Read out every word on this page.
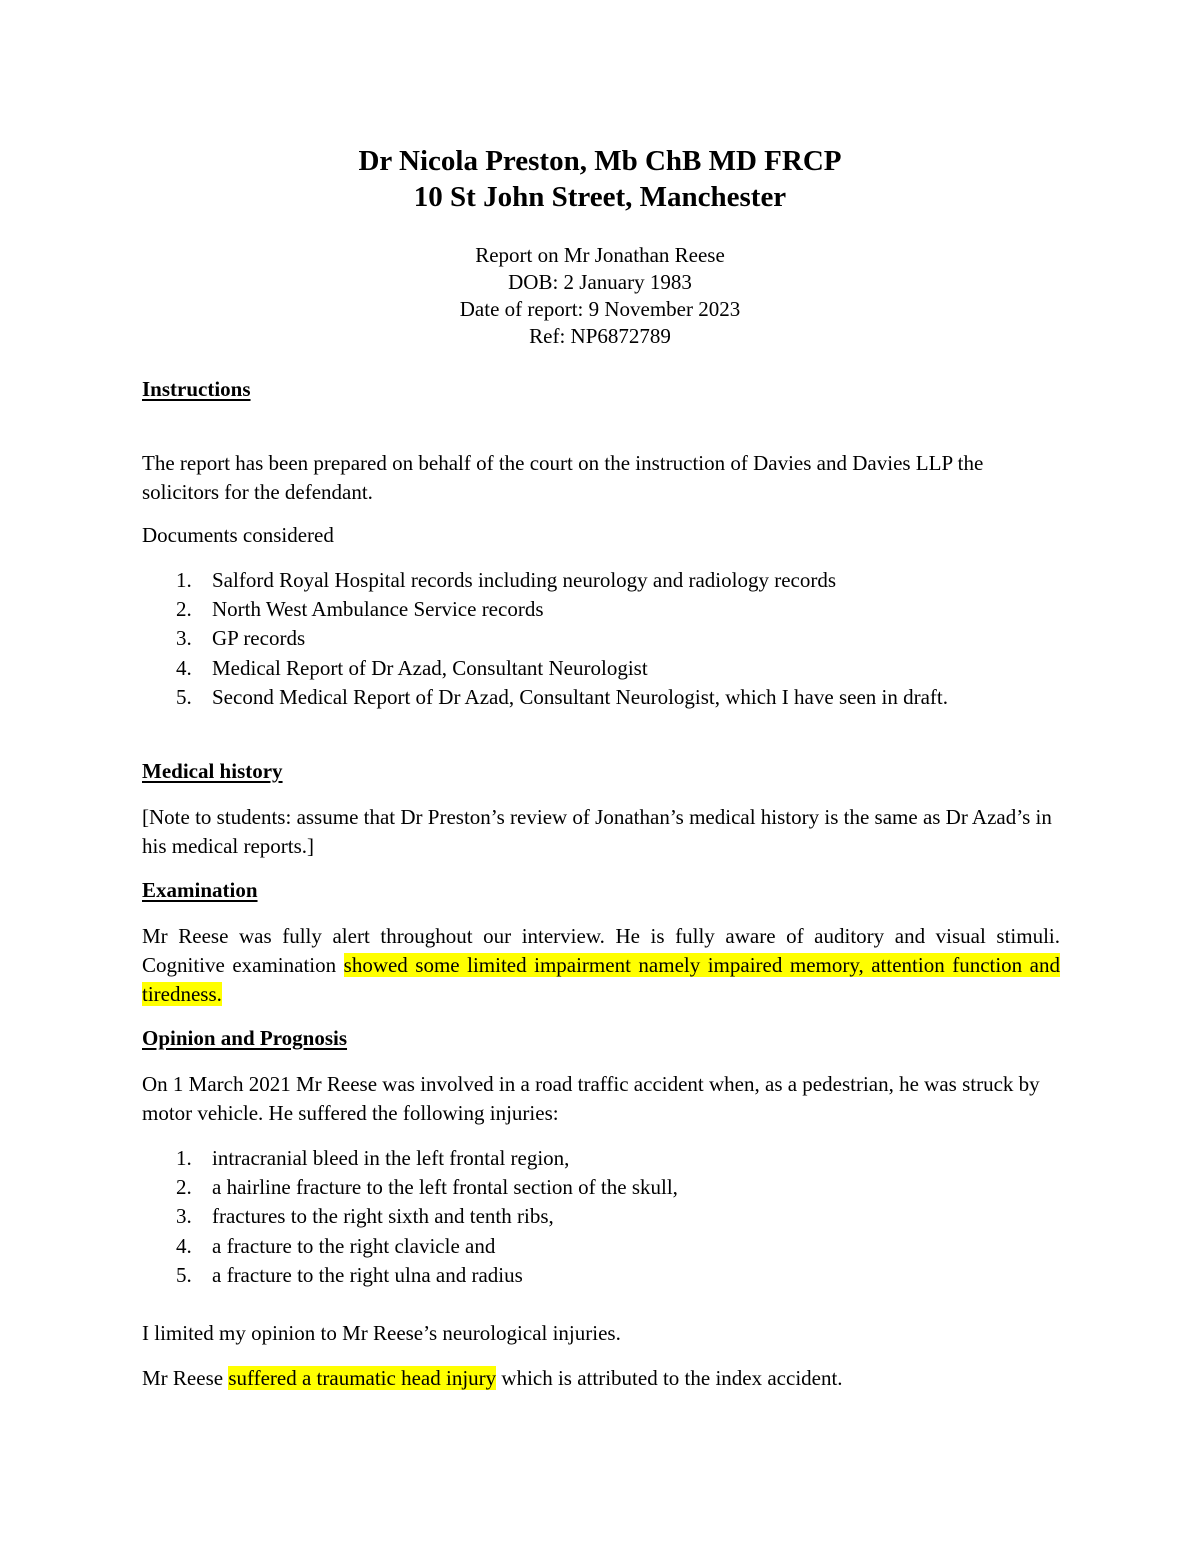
Dr Nicola Preston, Mb ChB MD FRCP
10 St John Street, Manchester
Report on Mr Jonathan Reese
DOB: 2 January 1983
Date of report: 9 November 2023
Ref: NP6872789
Instructions
The report has been prepared on behalf of the court on the instruction of Davies and Davies LLP the solicitors for the defendant.
Documents considered
1. Salford Royal Hospital records including neurology and radiology records
2. North West Ambulance Service records
3. GP records
4. Medical Report of Dr Azad, Consultant Neurologist
5. Second Medical Report of Dr Azad, Consultant Neurologist, which I have seen in draft.
Medical history
[Note to students: assume that Dr Preston’s review of Jonathan’s medical history is the same as Dr Azad’s in his medical reports.]
Examination
Mr Reese was fully alert throughout our interview. He is fully aware of auditory and visual stimuli. Cognitive examination showed some limited impairment namely impaired memory, attention function and tiredness.
Opinion and Prognosis
On 1 March 2021 Mr Reese was involved in a road traffic accident when, as a pedestrian, he was struck by motor vehicle. He suffered the following injuries:
1. intracranial bleed in the left frontal region,
2. a hairline fracture to the left frontal section of the skull,
3. fractures to the right sixth and tenth ribs,
4. a fracture to the right clavicle and
5. a fracture to the right ulna and radius
I limited my opinion to Mr Reese’s neurological injuries.
Mr Reese suffered a traumatic head injury which is attributed to the index accident.
